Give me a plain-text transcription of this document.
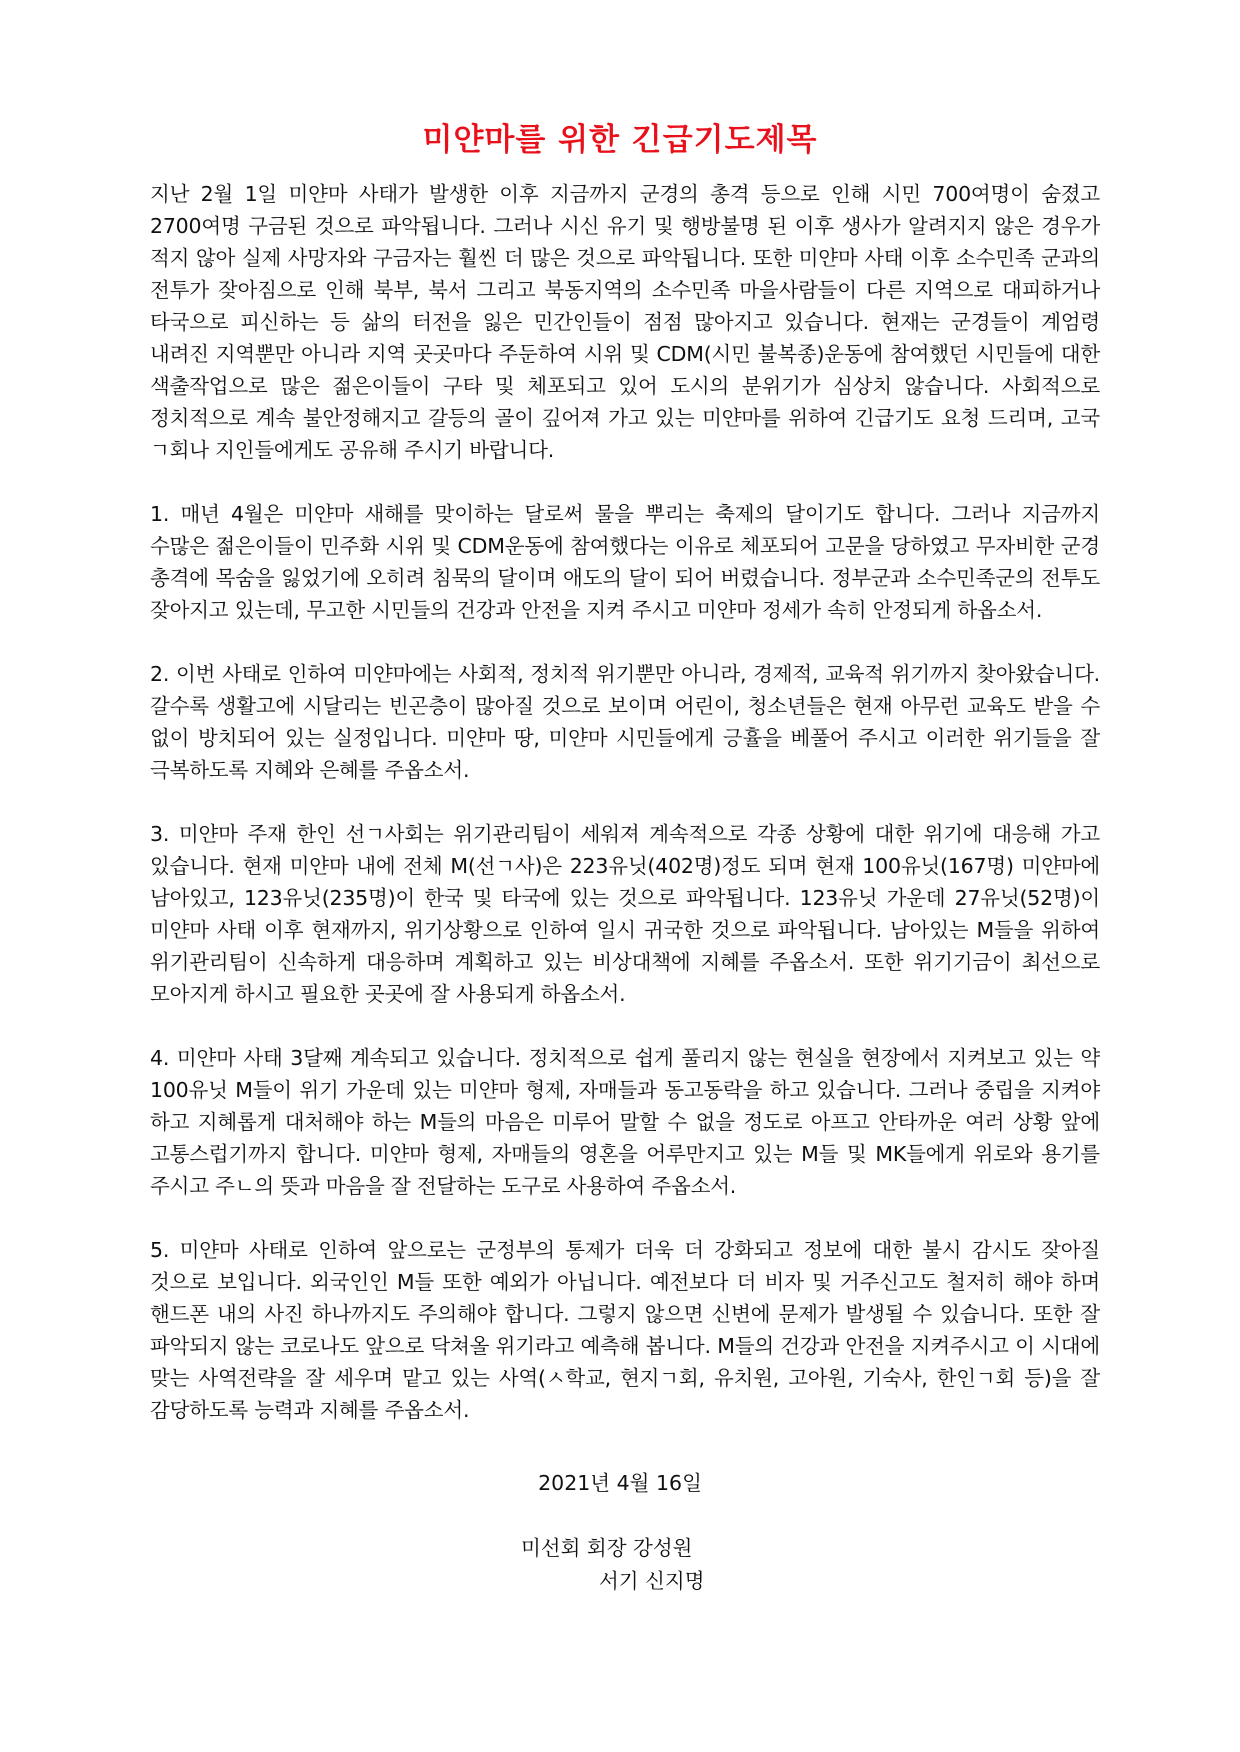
미얀마를 위한 긴급기도제목

지난 2월 1일 미얀마 사태가 발생한 이후 지금까지 군경의 총격 등으로 인해 시민 700여명이 숨졌고 2700여명 구금된 것으로 파악됩니다. 그러나 시신 유기 및 행방불명 된 이후 생사가 알려지지 않은 경우가 적지 않아 실제 사망자와 구금자는 훨씬 더 많은 것으로 파악됩니다. 또한 미얀마 사태 이후 소수민족 군과의 전투가 잦아짐으로 인해 북부, 북서 그리고 북동지역의 소수민족 마을사람들이 다른 지역으로 대피하거나 타국으로 피신하는 등 삶의 터전을 잃은 민간인들이 점점 많아지고 있습니다. 현재는 군경들이 계엄령 내려진 지역뿐만 아니라 지역 곳곳마다 주둔하여 시위 및 CDM(시민 불복종)운동에 참여했던 시민들에 대한 색출작업으로 많은 젊은이들이 구타 및 체포되고 있어 도시의 분위기가 심상치 않습니다. 사회적으로 정치적으로 계속 불안정해지고 갈등의 골이 깊어져 가고 있는 미얀마를 위하여 긴급기도 요청 드리며, 고국 ㄱ회나 지인들에게도 공유해 주시기 바랍니다.

1. 매년 4월은 미얀마 새해를 맞이하는 달로써 물을 뿌리는 축제의 달이기도 합니다. 그러나 지금까지 수많은 젊은이들이 민주화 시위 및 CDM운동에 참여했다는 이유로 체포되어 고문을 당하였고 무자비한 군경 총격에 목숨을 잃었기에 오히려 침묵의 달이며 애도의 달이 되어 버렸습니다. 정부군과 소수민족군의 전투도 잦아지고 있는데, 무고한 시민들의 건강과 안전을 지켜 주시고 미얀마 정세가 속히 안정되게 하옵소서.

2. 이번 사태로 인하여 미얀마에는 사회적, 정치적 위기뿐만 아니라, 경제적, 교육적 위기까지 찾아왔습니다. 갈수록 생활고에 시달리는 빈곤층이 많아질 것으로 보이며 어린이, 청소년들은 현재 아무런 교육도 받을 수 없이 방치되어 있는 실정입니다. 미얀마 땅, 미얀마 시민들에게 긍휼을 베풀어 주시고 이러한 위기들을 잘 극복하도록 지혜와 은혜를 주옵소서.

3. 미얀마 주재 한인 선ㄱ사회는 위기관리팀이 세워져 계속적으로 각종 상황에 대한 위기에 대응해 가고 있습니다. 현재 미얀마 내에 전체 M(선ㄱ사)은 223유닛(402명)정도 되며 현재 100유닛(167명) 미얀마에 남아있고, 123유닛(235명)이 한국 및 타국에 있는 것으로 파악됩니다. 123유닛 가운데 27유닛(52명)이 미얀마 사태 이후 현재까지, 위기상황으로 인하여 일시 귀국한 것으로 파악됩니다. 남아있는 M들을 위하여 위기관리팀이 신속하게 대응하며 계획하고 있는 비상대책에 지혜를 주옵소서. 또한 위기기금이 최선으로 모아지게 하시고 필요한 곳곳에 잘 사용되게 하옵소서.

4. 미얀마 사태 3달째 계속되고 있습니다. 정치적으로 쉽게 풀리지 않는 현실을 현장에서 지켜보고 있는 약 100유닛 M들이 위기 가운데 있는 미얀마 형제, 자매들과 동고동락을 하고 있습니다. 그러나 중립을 지켜야 하고 지혜롭게 대처해야 하는 M들의 마음은 미루어 말할 수 없을 정도로 아프고 안타까운 여러 상황 앞에 고통스럽기까지 합니다. 미얀마 형제, 자매들의 영혼을 어루만지고 있는 M들 및 MK들에게 위로와 용기를 주시고 주ㄴ의 뜻과 마음을 잘 전달하는 도구로 사용하여 주옵소서.

5. 미얀마 사태로 인하여 앞으로는 군정부의 통제가 더욱 더 강화되고 정보에 대한 불시 감시도 잦아질 것으로 보입니다. 외국인인 M들 또한 예외가 아닙니다. 예전보다 더 비자 및 거주신고도 철저히 해야 하며 핸드폰 내의 사진 하나까지도 주의해야 합니다. 그렇지 않으면 신변에 문제가 발생될 수 있습니다. 또한 잘 파악되지 않는 코로나도 앞으로 닥쳐올 위기라고 예측해 봅니다. M들의 건강과 안전을 지켜주시고 이 시대에 맞는 사역전략을 잘 세우며 맡고 있는 사역(ㅅ학교, 현지ㄱ회, 유치원, 고아원, 기숙사, 한인ㄱ회 등)을 잘 감당하도록 능력과 지혜를 주옵소서.

2021년 4월 16일

미선회 회장 강성원

서기 신지명
